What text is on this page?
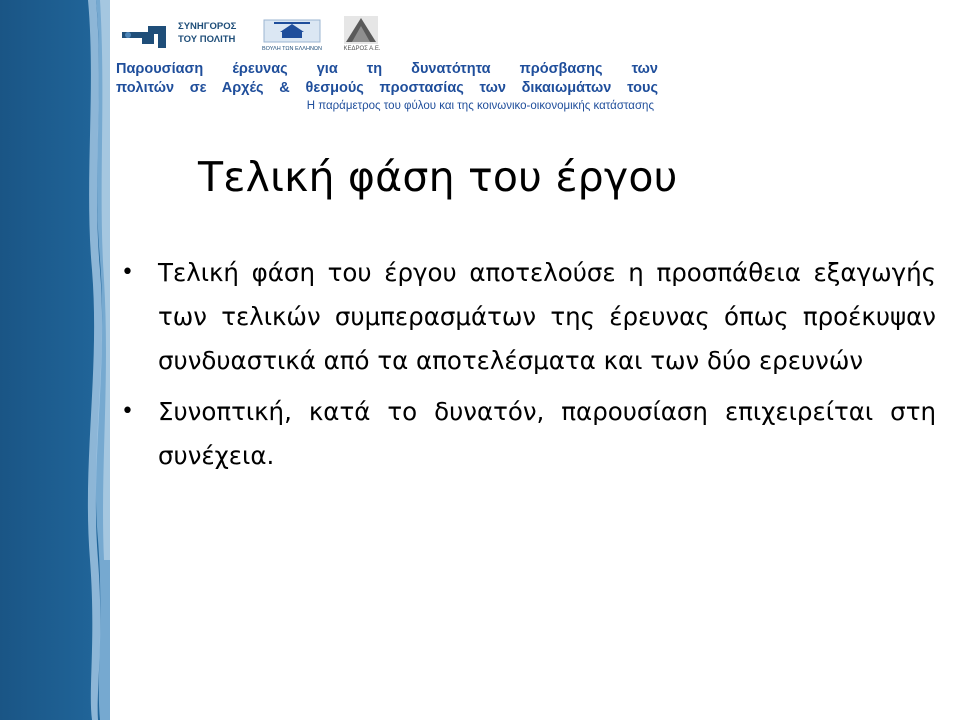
ΣΥΝΗΓΟΡΟΣ
ΤΟΥ ΠΟΛΙΤΗ
ΒΟΥΛΗ ΤΩΝ ΕΛΛΗΝΩΝ	ΚΕΔΡΟΣ Α.Ε.
Παρουσίαση έρευνας για τη δυνατότητα πρόσβασης των
πολιτών σε Αρχές & θεσμούς προστασίας των δικαιωμάτων τους
Η παράμετρος του φύλου και της κοινωνικο-οικονομικής κατάστασης
Τελική φάση του έργου
• Τελική φάση του έργου αποτελούσε η προσπάθεια εξαγωγής των τελικών συμπερασμάτων της έρευνας όπως προέκυψαν συνδυαστικά από τα αποτελέσματα και των δύο ερευνών
• Συνοπτική, κατά το δυνατόν, παρουσίαση επιχειρείται στη συνέχεια.
